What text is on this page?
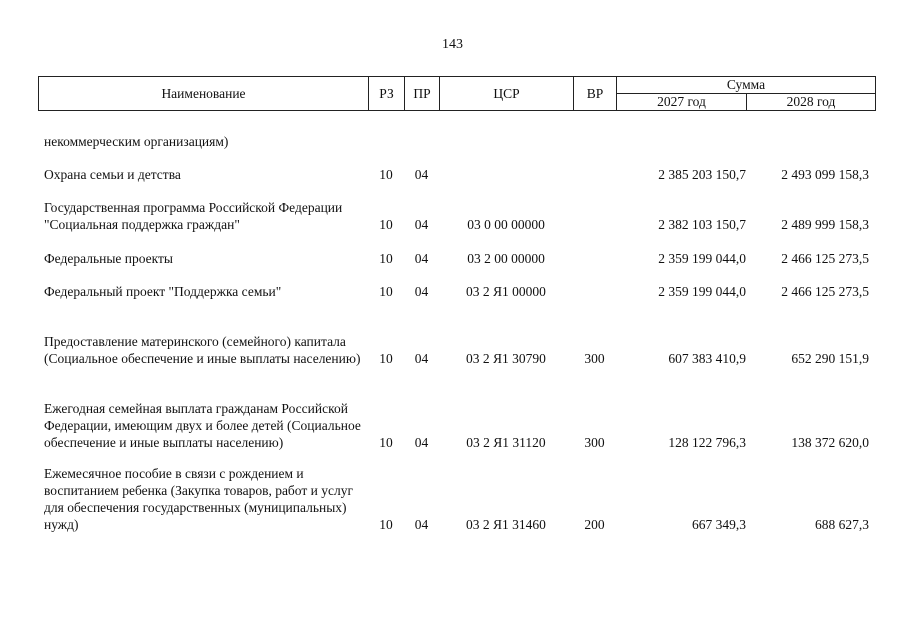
143
Наименование	РЗ	ПР	ЦСР	ВР	Сумма	
					2027 год	2028 год
некоммерческим организациям)						
Охрана семьи и детства	10	04			2 385 203 150,7	2 493 099 158,3
Государственная программа Российской Федерации "Социальная поддержка граждан"	10	04	03 0 00 00000		2 382 103 150,7	2 489 999 158,3
Федеральные проекты	10	04	03 2 00 00000		2 359 199 044,0	2 466 125 273,5
Федеральный проект "Поддержка семьи"	10	04	03 2 Я1 00000		2 359 199 044,0	2 466 125 273,5
Предоставление материнского (семейного) капитала (Социальное обеспечение и иные выплаты населению)	10	04	03 2 Я1 30790	300	607 383 410,9	652 290 151,9
Ежегодная семейная выплата гражданам Российской Федерации, имеющим двух и более детей (Социальное обеспечение и иные выплаты населению)	10	04	03 2 Я1 31120	300	128 122 796,3	138 372 620,0
Ежемесячное пособие в связи с рождением и воспитанием ребенка (Закупка товаров, работ и услуг для обеспечения государственных (муниципальных) нужд)	10	04	03 2 Я1 31460	200	667 349,3	688 627,3
